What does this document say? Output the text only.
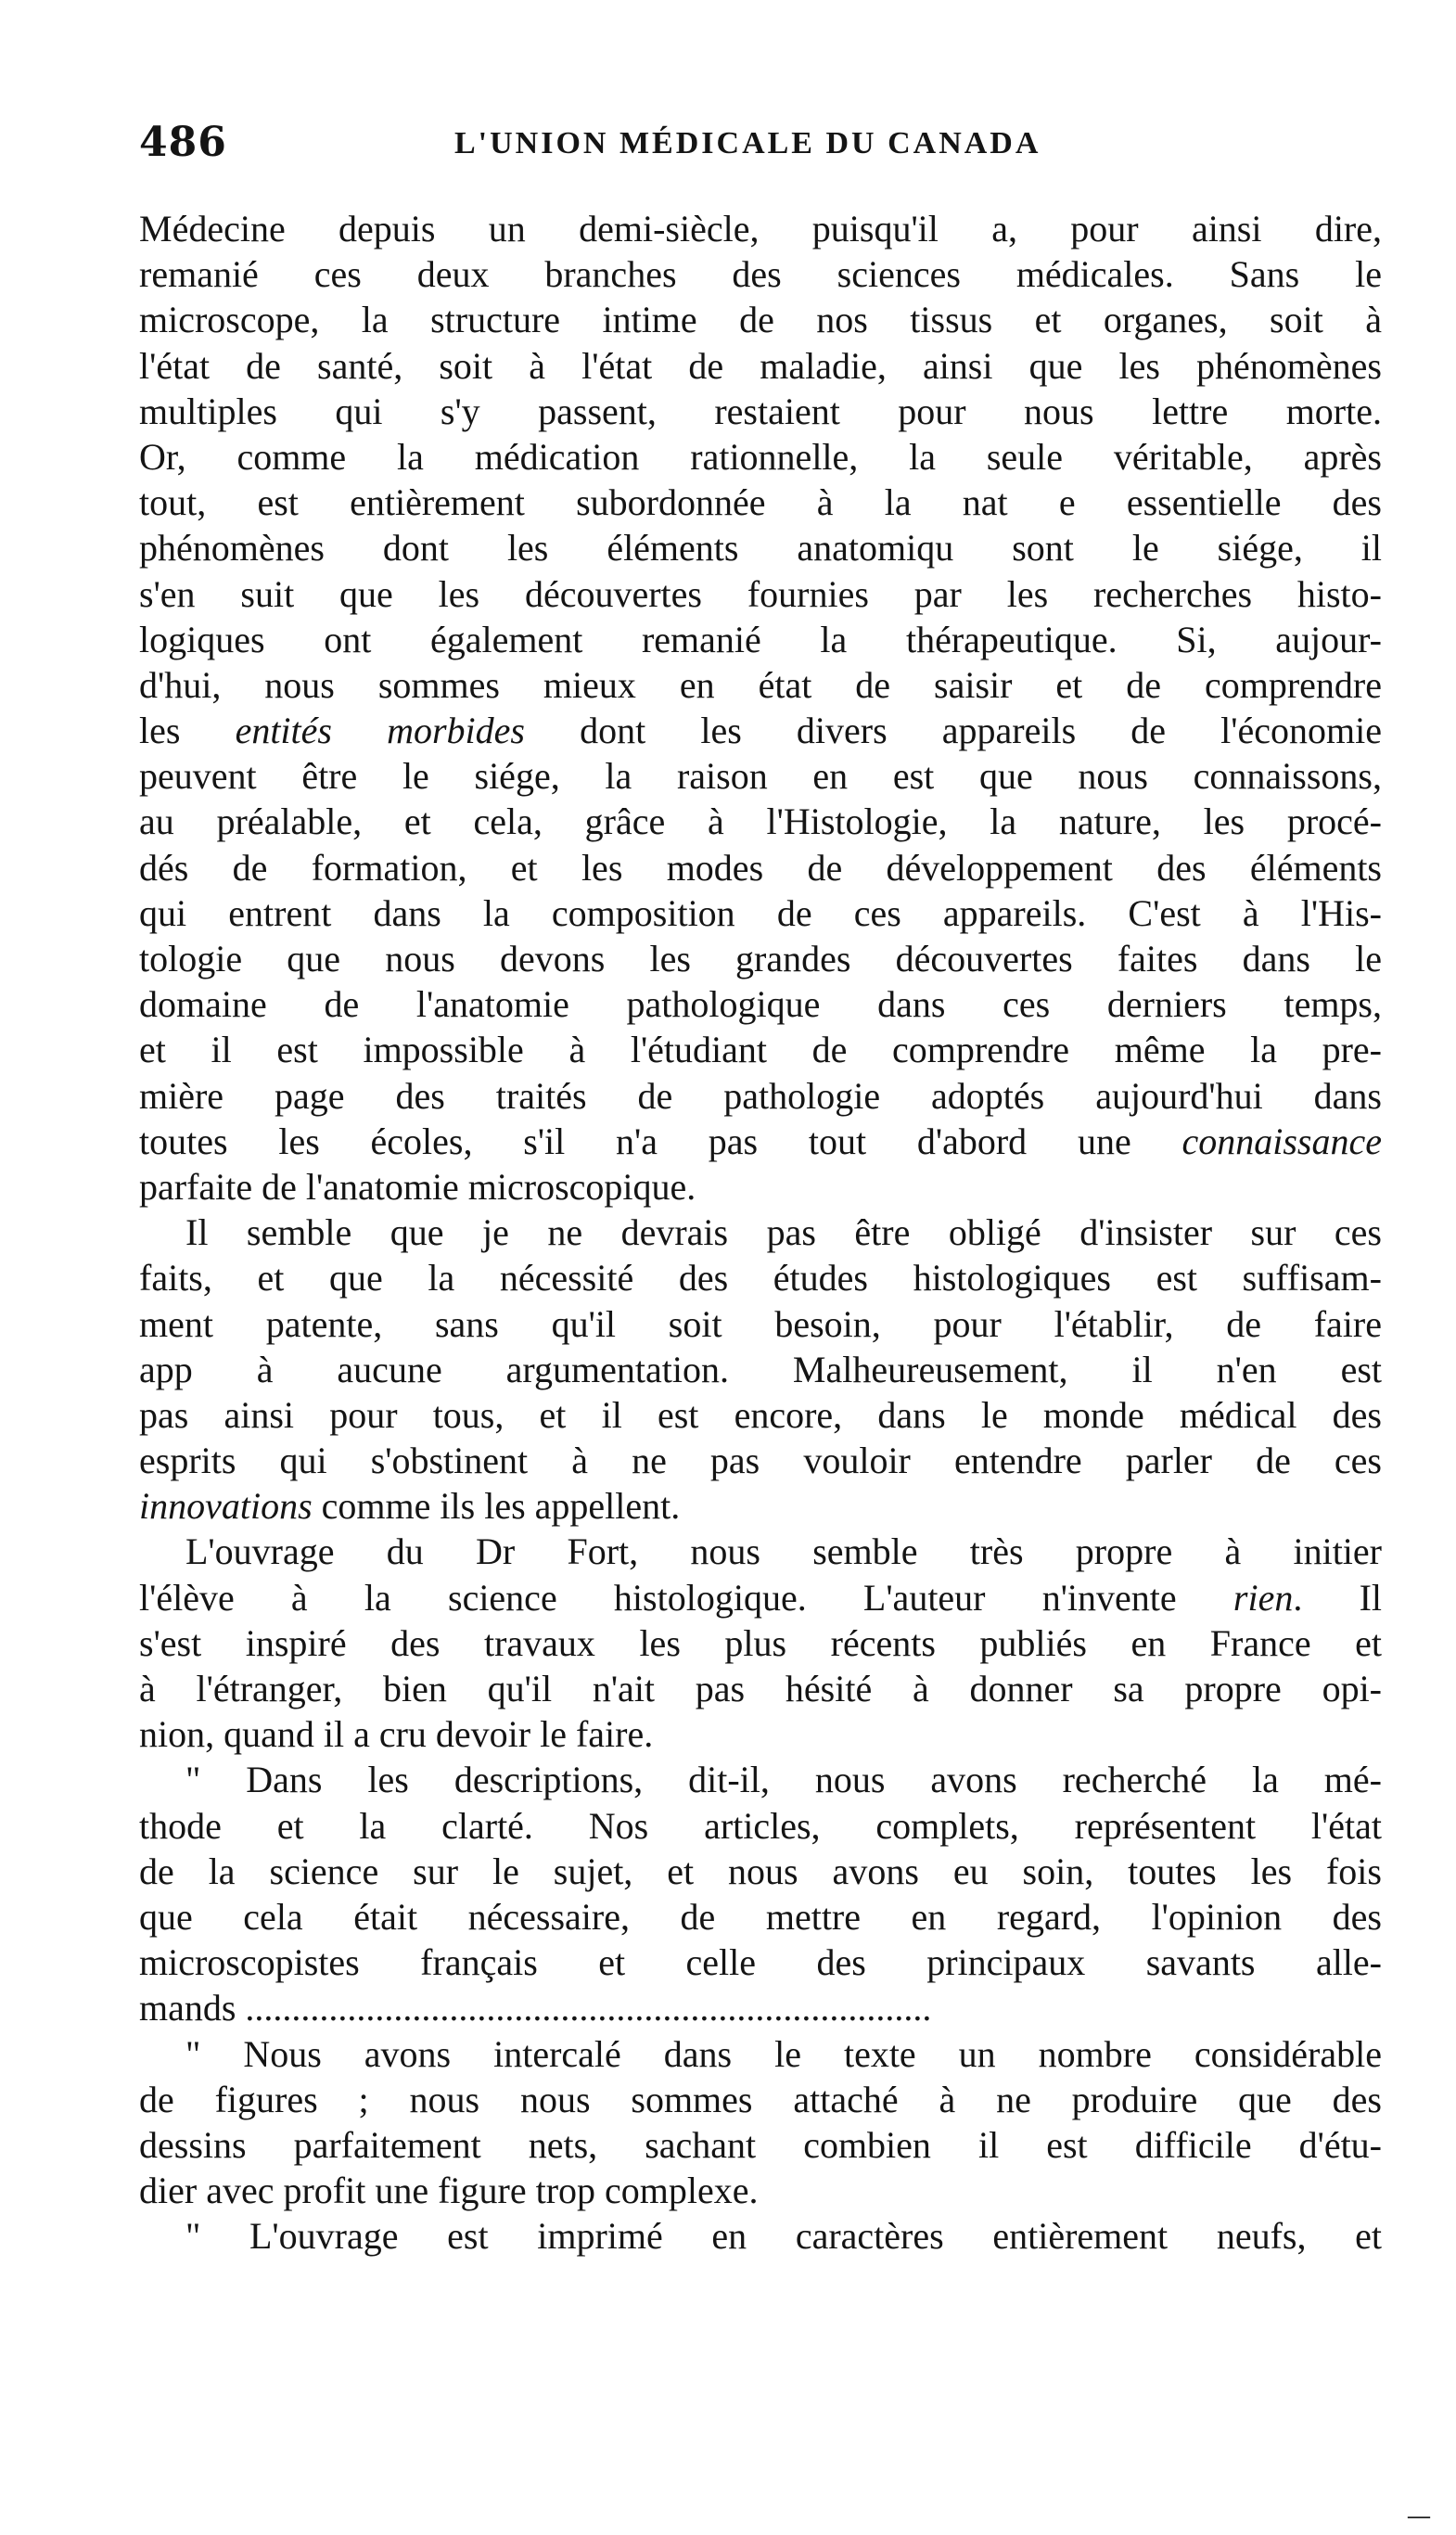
486	L'UNION MÉDICALE DU CANADA
Médecine depuis un demi-siècle, puisqu'il a, pour ainsi dire,
remanié ces deux branches des sciences médicales. Sans le
microscope, la structure intime de nos tissus et organes, soit à
l'état de santé, soit à l'état de maladie, ainsi que les phénomènes
multiples qui s'y passent, restaient pour nous lettre morte.
Or, comme la médication rationnelle, la seule véritable, après
tout, est entièrement subordonnée à la nat e essentielle des
phénomènes dont les éléments anatomiqu sont le siége, il
s'en suit que les découvertes fournies par les recherches histo-
logiques ont également remanié la thérapeutique. Si, aujour-
d'hui, nous sommes mieux en état de saisir et de comprendre
les entités morbides dont les divers appareils de l'économie
peuvent être le siége, la raison en est que nous connaissons,
au préalable, et cela, grâce à l'Histologie, la nature, les procé-
dés de formation, et les modes de développement des éléments
qui entrent dans la composition de ces appareils. C'est à l'His-
tologie que nous devons les grandes découvertes faites dans le
domaine de l'anatomie pathologique dans ces derniers temps,
et il est impossible à l'étudiant de comprendre même la pre-
mière page des traités de pathologie adoptés aujourd'hui dans
toutes les écoles, s'il n'a pas tout d'abord une connaissance
parfaite de l'anatomie microscopique.
Il semble que je ne devrais pas être obligé d'insister sur ces
faits, et que la nécessité des études histologiques est suffisam-
ment patente, sans qu'il soit besoin, pour l'établir, de faire
app à aucune argumentation. Malheureusement, il n'en est
pas ainsi pour tous, et il est encore, dans le monde médical des
esprits qui s'obstinent à ne pas vouloir entendre parler de ces
innovations comme ils les appellent.
L'ouvrage du Dr Fort, nous semble très propre à initier
l'élève à la science histologique. L'auteur n'invente rien. Il
s'est inspiré des travaux les plus récents publiés en France et
à l'étranger, bien qu'il n'ait pas hésité à donner sa propre opi-
nion, quand il a cru devoir le faire.
" Dans les descriptions, dit-il, nous avons recherché la mé-
thode et la clarté. Nos articles, complets, représentent l'état
de la science sur le sujet, et nous avons eu soin, toutes les fois
que cela était nécessaire, de mettre en regard, l'opinion des
microscopistes français et celle des principaux savants alle-
mands ..........................................................................
" Nous avons intercalé dans le texte un nombre considérable
de figures ; nous nous sommes attaché à ne produire que des
dessins parfaitement nets, sachant combien il est difficile d'étu-
dier avec profit une figure trop complexe.
" L'ouvrage est imprimé en caractères entièrement neufs, et
—
